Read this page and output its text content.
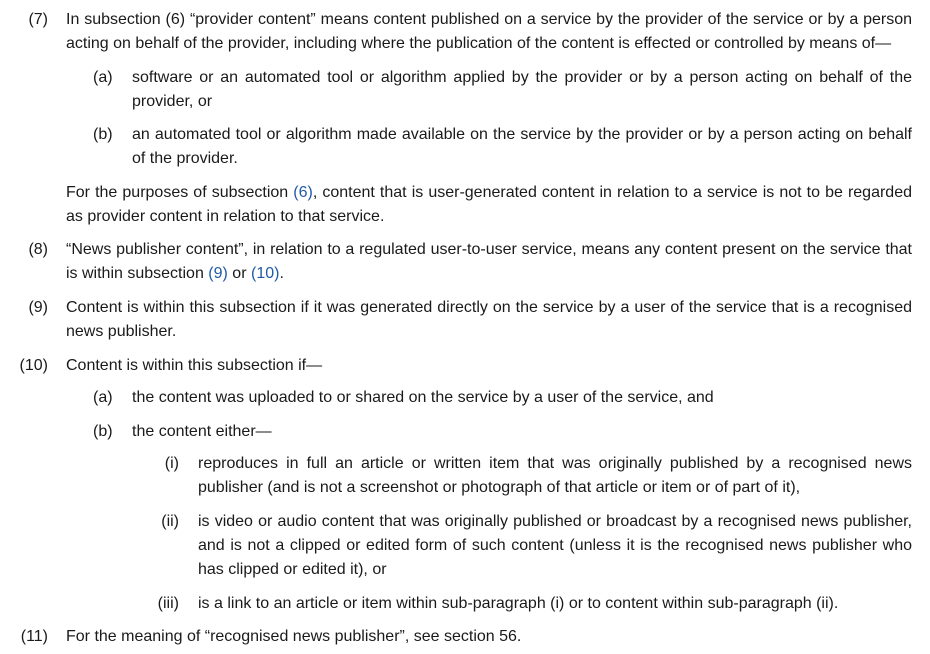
(7) In subsection (6) “provider content” means content published on a service by the provider of the service or by a person acting on behalf of the provider, including where the publication of the content is effected or controlled by means of—
(a) software or an automated tool or algorithm applied by the provider or by a person acting on behalf of the provider, or
(b) an automated tool or algorithm made available on the service by the provider or by a person acting on behalf of the provider.
For the purposes of subsection (6), content that is user-generated content in relation to a service is not to be regarded as provider content in relation to that service.
(8) “News publisher content”, in relation to a regulated user-to-user service, means any content present on the service that is within subsection (9) or (10).
(9) Content is within this subsection if it was generated directly on the service by a user of the service that is a recognised news publisher.
(10) Content is within this subsection if—
(a) the content was uploaded to or shared on the service by a user of the service, and
(b) the content either—
(i) reproduces in full an article or written item that was originally published by a recognised news publisher (and is not a screenshot or photograph of that article or item or of part of it),
(ii) is video or audio content that was originally published or broadcast by a recognised news publisher, and is not a clipped or edited form of such content (unless it is the recognised news publisher who has clipped or edited it), or
(iii) is a link to an article or item within sub-paragraph (i) or to content within sub-paragraph (ii).
(11) For the meaning of “recognised news publisher”, see section 56.
